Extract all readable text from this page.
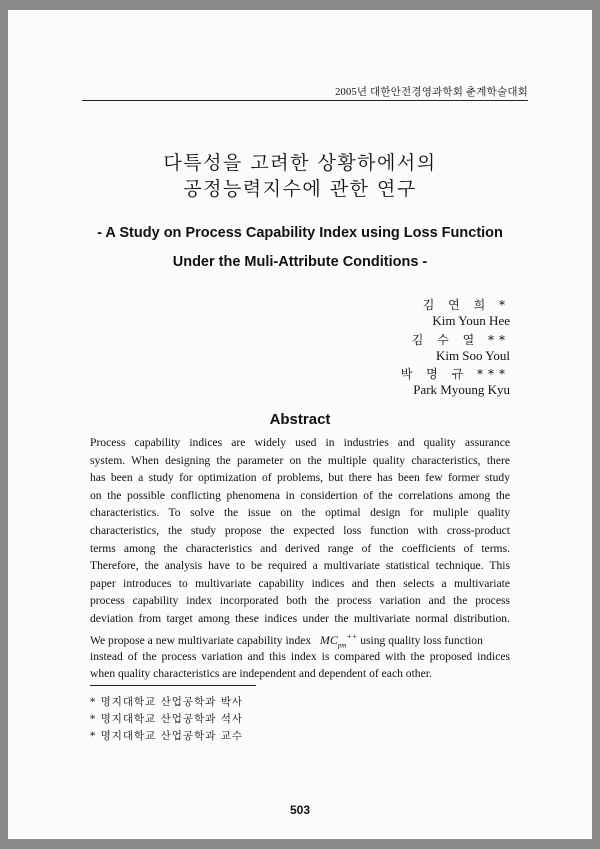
2005년 대한안전경영과학회 춘계학술대회
다특성을 고려한 상황하에서의
공정능력지수에 관한 연구
- A Study on Process Capability Index using Loss Function
Under the Muli-Attribute Conditions -
김 연 희 *
Kim Youn Hee
김 수 열 **
Kim Soo Youl
박 명 규 ***
Park Myoung Kyu
Abstract
Process capability indices are widely used in industries and quality assurance
system. When designing the parameter on the multiple quality characteristics, there
has been a study for optimization of problems, but there has been few former study
on the possible conflicting phenomena in considertion of the correlations among the
characteristics. To solve the issue on the optimal design for muliple quality
characteristics, the study propose the expected loss function with cross-product
terms among the characteristics and derived range of the coefficients of terms.
Therefore, the analysis have to be required a multivariate statistical technique. This
paper introduces to multivariate capability indices and then selects a multivariate
process capability index incorporated both the process variation and the process
deviation from target among these indices under the multivariate normal distribution.
We propose a new multivariate capability index $MC_{pm}^{++}$ using quality loss function
instead of the process variation and this index is compared with the proposed indices
when quality characteristics are independent and dependent of each other.
* 명지대학교 산업공학과 박사
* 명지대학교 산업공학과 석사
* 명지대학교 산업공학과 교수
503
